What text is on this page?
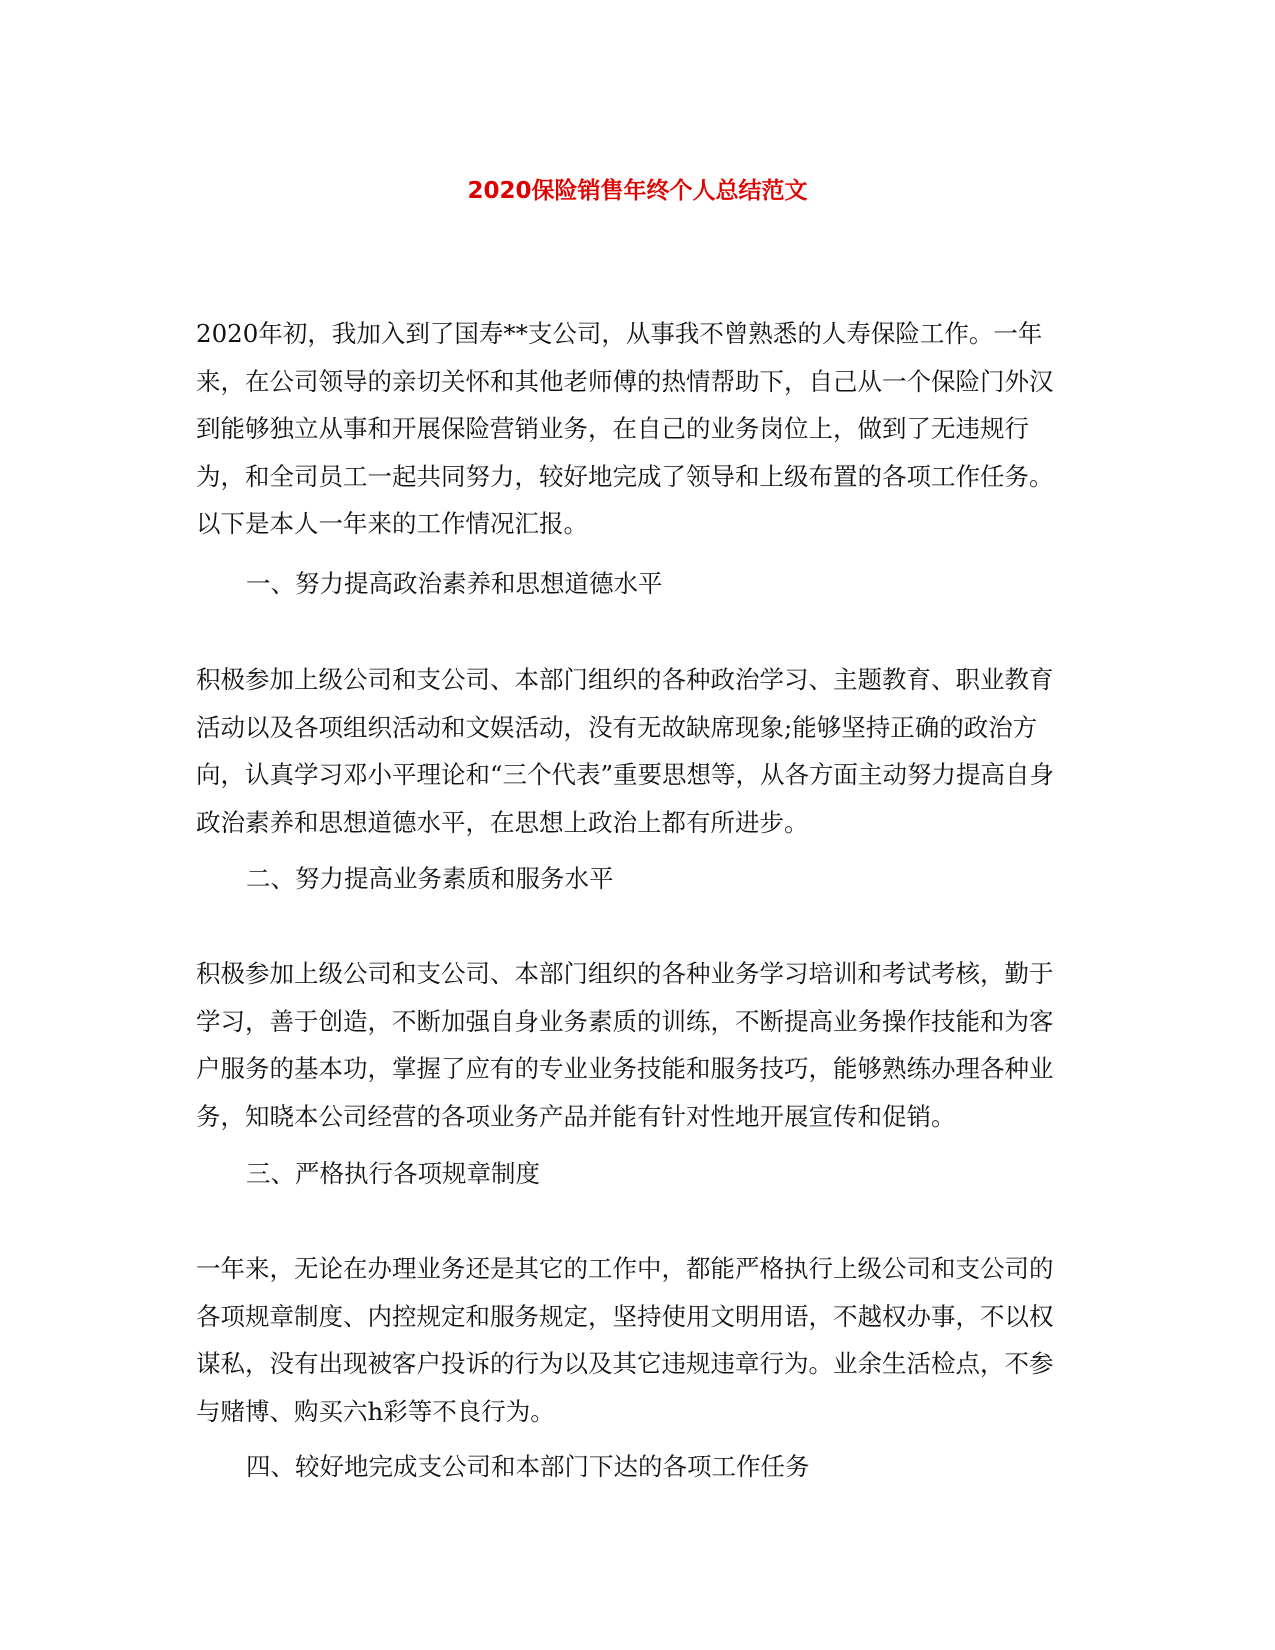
2020保险销售年终个人总结范文

2020年初，我加入到了国寿**支公司，从事我不曾熟悉的人寿保险工作。一年来，在公司领导的亲切关怀和其他老师傅的热情帮助下，自己从一个保险门外汉到能够独立从事和开展保险营销业务，在自己的业务岗位上，做到了无违规行为，和全司员工一起共同努力，较好地完成了领导和上级布置的各项工作任务。以下是本人一年来的工作情况汇报。

一、努力提高政治素养和思想道德水平

积极参加上级公司和支公司、本部门组织的各种政治学习、主题教育、职业教育活动以及各项组织活动和文娱活动，没有无故缺席现象;能够坚持正确的政治方向，认真学习邓小平理论和“三个代表”重要思想等，从各方面主动努力提高自身政治素养和思想道德水平，在思想上政治上都有所进步。

二、努力提高业务素质和服务水平

积极参加上级公司和支公司、本部门组织的各种业务学习培训和考试考核，勤于学习，善于创造，不断加强自身业务素质的训练，不断提高业务操作技能和为客户服务的基本功，掌握了应有的专业业务技能和服务技巧，能够熟练办理各种业务，知晓本公司经营的各项业务产品并能有针对性地开展宣传和促销。

三、严格执行各项规章制度

一年来，无论在办理业务还是其它的工作中，都能严格执行上级公司和支公司的各项规章制度、内控规定和服务规定，坚持使用文明用语，不越权办事，不以权谋私，没有出现被客户投诉的行为以及其它违规违章行为。业余生活检点，不参与赌博、购买六h彩等不良行为。

四、较好地完成支公司和本部门下达的各项工作任务
